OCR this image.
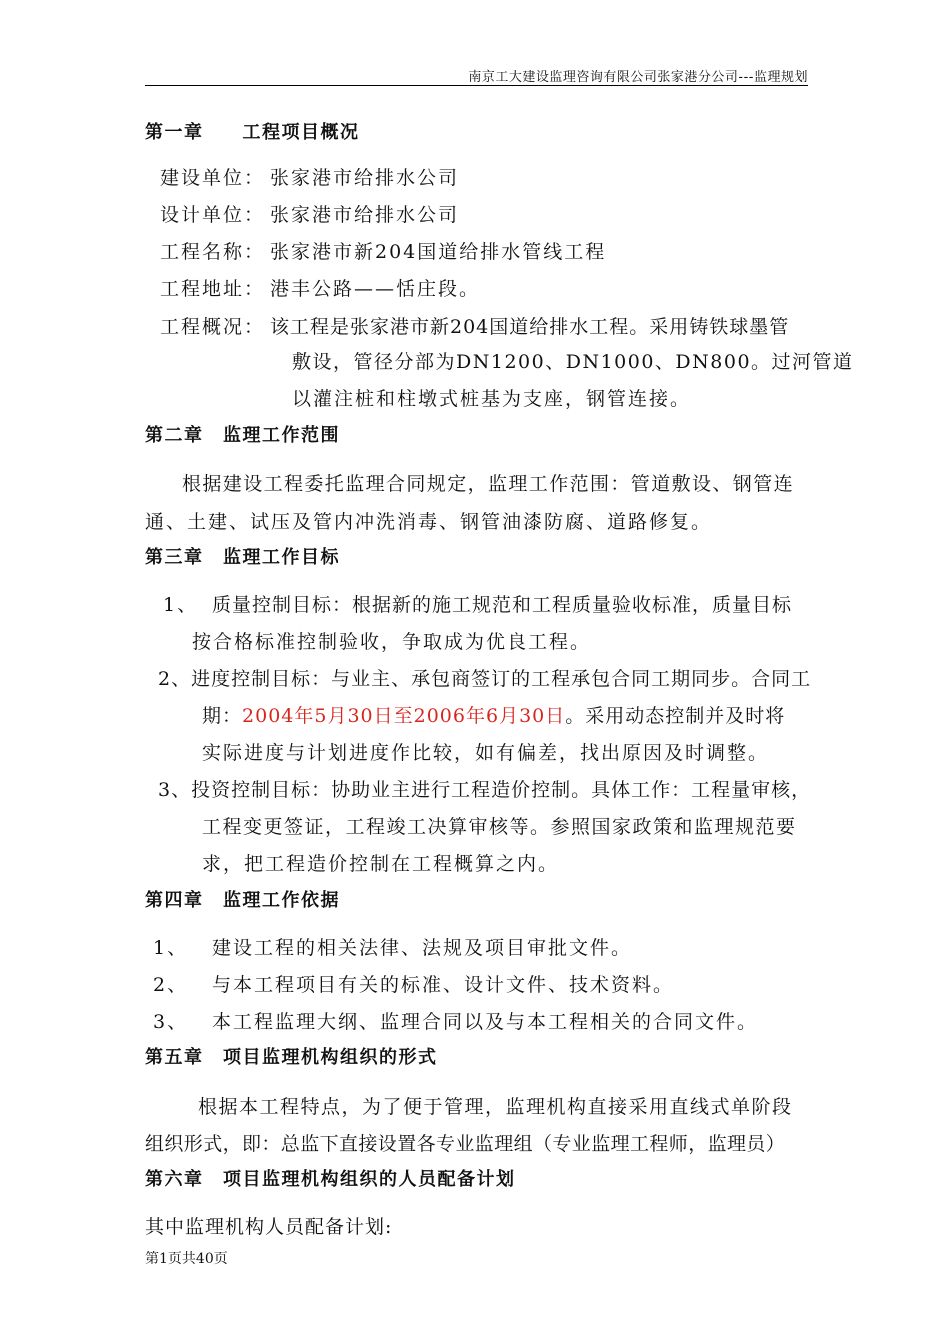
南京工大建设监理咨询有限公司张家港分公司---监理规划
第一章　　工程项目概况
建设单位： 张家港市给排水公司
设计单位： 张家港市给排水公司
工程名称： 张家港市新204国道给排水管线工程
工程地址： 港丰公路——恬庄段。
工程概况： 该工程是张家港市新204国道给排水工程。采用铸铁球墨管
敷设，管径分部为DN1200、DN1000、DN800。过河管道
以灌注桩和柱墩式桩基为支座，钢管连接。
第二章　监理工作范围
根据建设工程委托监理合同规定，监理工作范围：管道敷设、钢管连
通、土建、试压及管内冲洗消毒、钢管油漆防腐、道路修复。
第三章　监理工作目标
1、 质量控制目标：根据新的施工规范和工程质量验收标准，质量目标
按合格标准控制验收，争取成为优良工程。
2、进度控制目标：与业主、承包商签订的工程承包合同工期同步。合同工
期：2004年5月30日至2006年6月30日。采用动态控制并及时将
实际进度与计划进度作比较，如有偏差，找出原因及时调整。
3、投资控制目标：协助业主进行工程造价控制。具体工作：工程量审核，
工程变更签证，工程竣工决算审核等。参照国家政策和监理规范要
求，把工程造价控制在工程概算之内。
第四章　监理工作依据
1、 建设工程的相关法律、法规及项目审批文件。
2、 与本工程项目有关的标准、设计文件、技术资料。
3、 本工程监理大纲、监理合同以及与本工程相关的合同文件。
第五章　项目监理机构组织的形式
根据本工程特点，为了便于管理，监理机构直接采用直线式单阶段
组织形式，即：总监下直接设置各专业监理组（专业监理工程师，监理员）
第六章　项目监理机构组织的人员配备计划
其中监理机构人员配备计划:
第1页共40页
